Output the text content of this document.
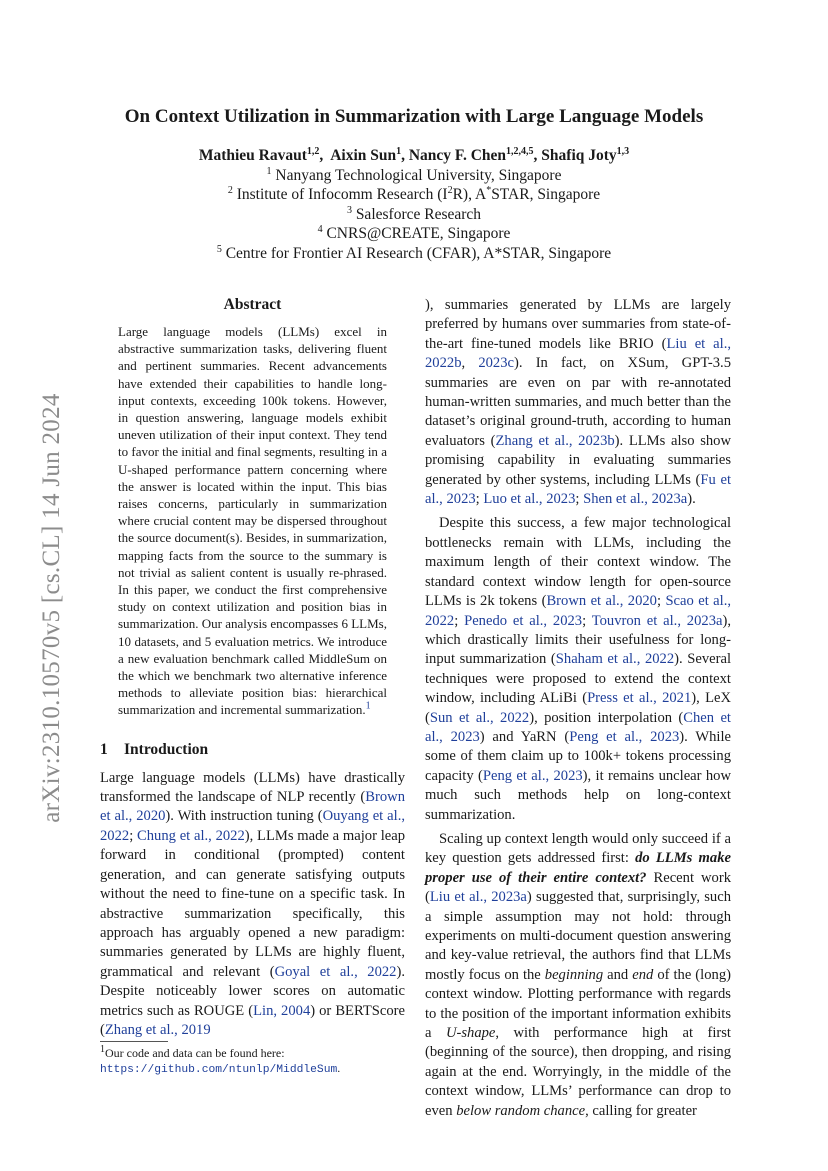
arXiv:2310.10570v5 [cs.CL] 14 Jun 2024
On Context Utilization in Summarization with Large Language Models
Mathieu Ravaut$^{1,2}$,  Aixin Sun$^1$, Nancy F. Chen$^{1,2,4,5}$, Shafiq Joty$^{1,3}$
$^1$ Nanyang Technological University, Singapore
$^2$ Institute of Infocomm Research $(I^2R)$, A*STAR, Singapore
$^3$ Salesforce Research
$^4$ CNRS@CREATE, Singapore
$^5$ Centre for Frontier AI Research (CFAR), A*STAR, Singapore
Abstract

Large language models (LLMs) excel in abstractive summarization tasks, delivering fluent and pertinent summaries. Recent advancements have extended their capabilities to handle long-input contexts, exceeding 100k tokens. However, in question answering, language models exhibit uneven utilization of their input context. They tend to favor the initial and final segments, resulting in a U-shaped performance pattern concerning where the answer is located within the input. This bias raises concerns, particularly in summarization where crucial content may be dispersed throughout the source document(s). Besides, in summarization, mapping facts from the source to the summary is not trivial as salient content is usually re-phrased. In this paper, we conduct the first comprehensive study on context utilization and position bias in summarization. Our analysis encompasses 6 LLMs, 10 datasets, and 5 evaluation metrics. We introduce a new evaluation benchmark called MiddleSum on the which we benchmark two alternative inference methods to alleviate position bias: hierarchical summarization and incremental summarization.$^1$

1 Introduction

Large language models (LLMs) have drastically transformed the landscape of NLP recently (Brown et al., 2020). With instruction tuning (Ouyang et al., 2022; Chung et al., 2022), LLMs made a major leap forward in conditional (prompted) content generation, and can generate satisfying outputs without the need to fine-tune on a specific task. In abstractive summarization specifically, this approach has arguably opened a new paradigm: summaries generated by LLMs are highly fluent, grammatical and relevant (Goyal et al., 2022). Despite noticeably lower scores on automatic metrics such as ROUGE (Lin, 2004) or BERTScore (Zhang et al., 2019

$^1$Our code and data can be found here: https://github.com/ntunlp/MiddleSum.

), summaries generated by LLMs are largely preferred by humans over summaries from state-of-the-art fine-tuned models like BRIO (Liu et al., 2022b, 2023c). In fact, on XSum, GPT-3.5 summaries are even on par with re-annotated human-written summaries, and much better than the dataset’s original ground-truth, according to human evaluators (Zhang et al., 2023b). LLMs also show promising capability in evaluating summaries generated by other systems, including LLMs (Fu et al., 2023; Luo et al., 2023; Shen et al., 2023a).

Despite this success, a few major technological bottlenecks remain with LLMs, including the maximum length of their context window. The standard context window length for open-source LLMs is 2k tokens (Brown et al., 2020; Scao et al., 2022; Penedo et al., 2023; Touvron et al., 2023a), which drastically limits their usefulness for long-input summarization (Shaham et al., 2022). Several techniques were proposed to extend the context window, including ALiBi (Press et al., 2021), LeX (Sun et al., 2022), position interpolation (Chen et al., 2023) and YaRN (Peng et al., 2023). While some of them claim up to 100k+ tokens processing capacity (Peng et al., 2023), it remains unclear how much such methods help on long-context summarization.

Scaling up context length would only succeed if a key question gets addressed first: do LLMs make proper use of their entire context? Recent work (Liu et al., 2023a) suggested that, surprisingly, such a simple assumption may not hold: through experiments on multi-document question answering and key-value retrieval, the authors find that LLMs mostly focus on the beginning and end of the (long) context window. Plotting performance with regards to the position of the important information exhibits a U-shape, with performance high at first (beginning of the source), then dropping, and rising again at the end. Worryingly, in the middle of the context window, LLMs’ performance can drop to even below random chance, calling for greater
